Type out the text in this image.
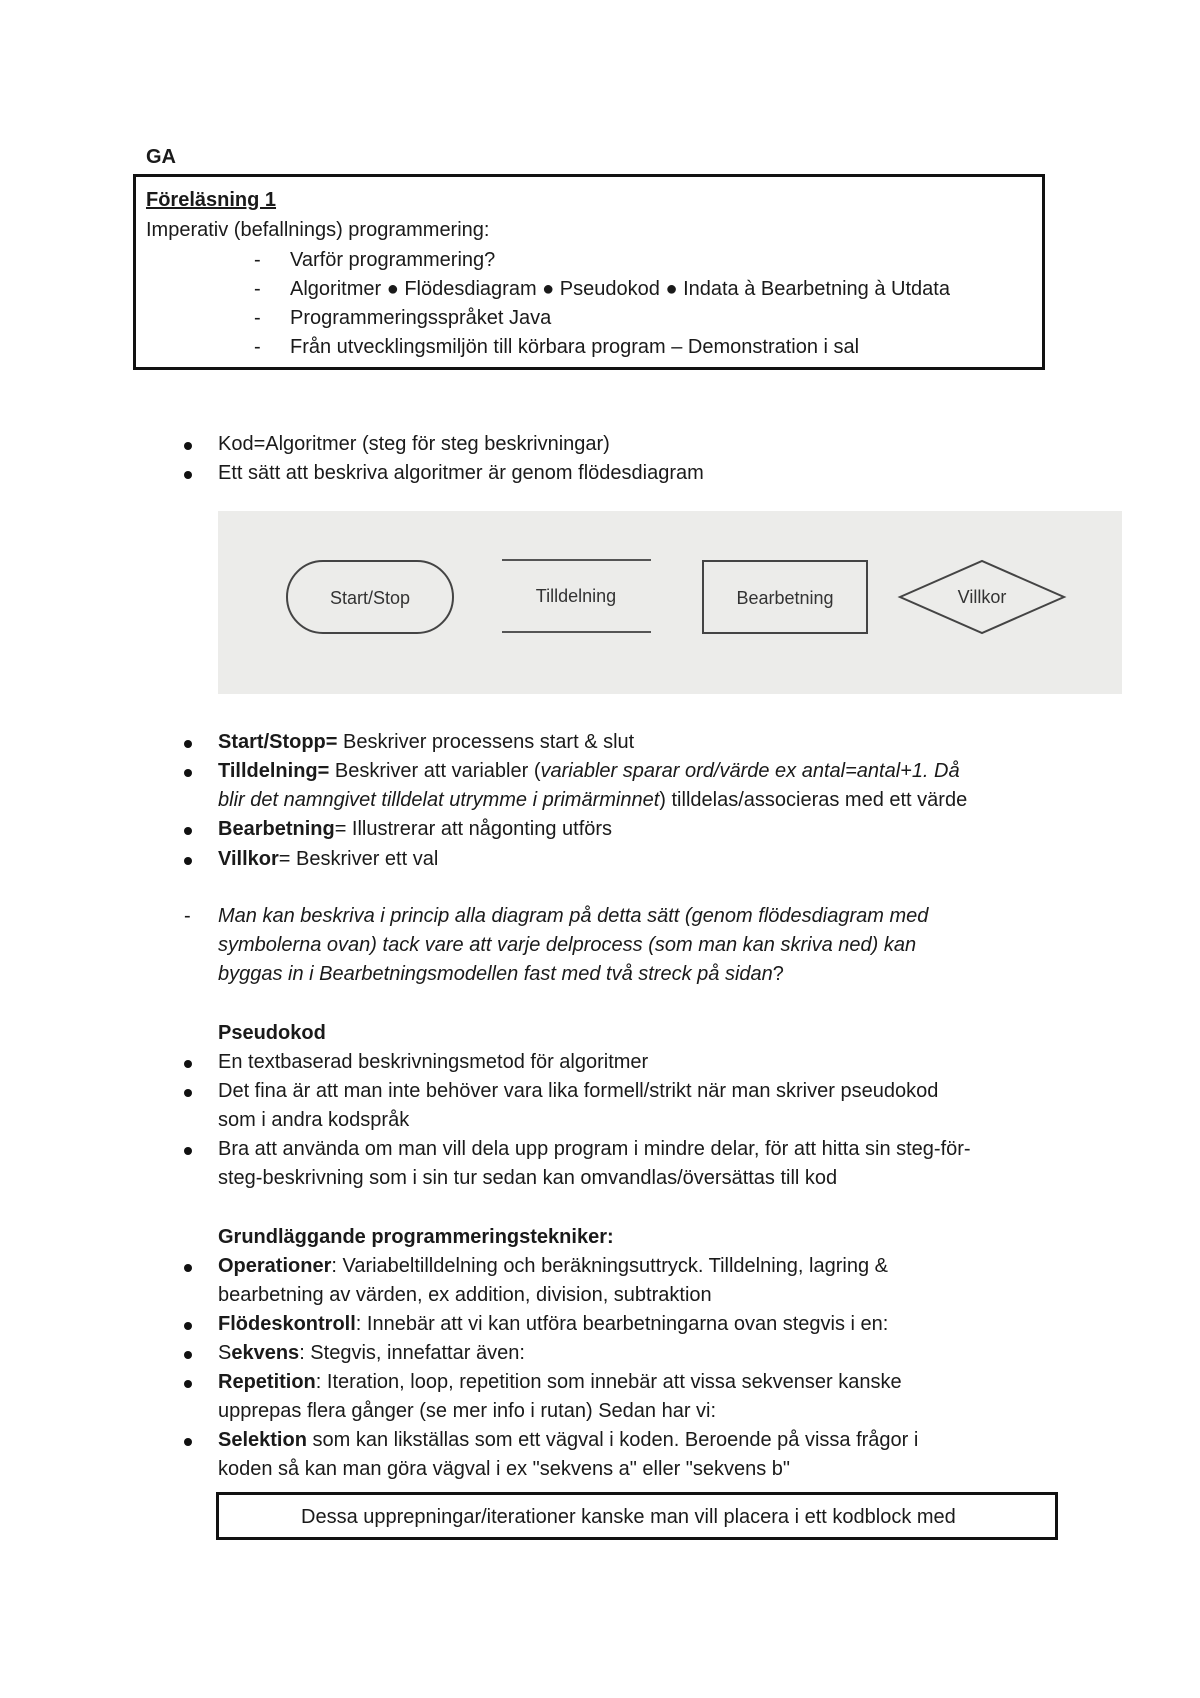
GA
Föreläsning 1
Imperativ (befallnings) programmering:
- Varför programmering?
- Algoritmer ● Flödesdiagram ● Pseudokod ● Indata à Bearbetning à Utdata
- Programmeringsspråket Java
- Från utvecklingsmiljön till körbara program – Demonstration i sal
Kod=Algoritmer (steg för steg beskrivningar)
Ett sätt att beskriva algoritmer är genom flödesdiagram
Start/Stop	Tilldelning	Bearbetning	Villkor
Start/Stopp= Beskriver processens start & slut
Tilldelning= Beskriver att variabler (variabler sparar ord/värde ex antal=antal+1. Då
blir det namngivet tilldelat utrymme i primärminnet) tilldelas/associeras med ett värde
Bearbetning= Illustrerar att någonting utförs
Villkor= Beskriver ett val
- Man kan beskriva i princip alla diagram på detta sätt (genom flödesdiagram med
symbolerna ovan) tack vare att varje delprocess (som man kan skriva ned) kan
byggas in i Bearbetningsmodellen fast med två streck på sidan?
Pseudokod
En textbaserad beskrivningsmetod för algoritmer
Det fina är att man inte behöver vara lika formell/strikt när man skriver pseudokod
som i andra kodspråk
Bra att använda om man vill dela upp program i mindre delar, för att hitta sin steg-för-
steg-beskrivning som i sin tur sedan kan omvandlas/översättas till kod
Grundläggande programmeringstekniker:
Operationer: Variabeltilldelning och beräkningsuttryck. Tilldelning, lagring &
bearbetning av värden, ex addition, division, subtraktion
Flödeskontroll: Innebär att vi kan utföra bearbetningarna ovan stegvis i en:
Sekvens: Stegvis, innefattar även:
Repetition: Iteration, loop, repetition som innebär att vissa sekvenser kanske
upprepas flera gånger (se mer info i rutan) Sedan har vi:
Selektion som kan likställas som ett vägval i koden. Beroende på vissa frågor i
koden så kan man göra vägval i ex "sekvens a" eller "sekvens b"
Dessa upprepningar/iterationer kanske man vill placera i ett kodblock med
